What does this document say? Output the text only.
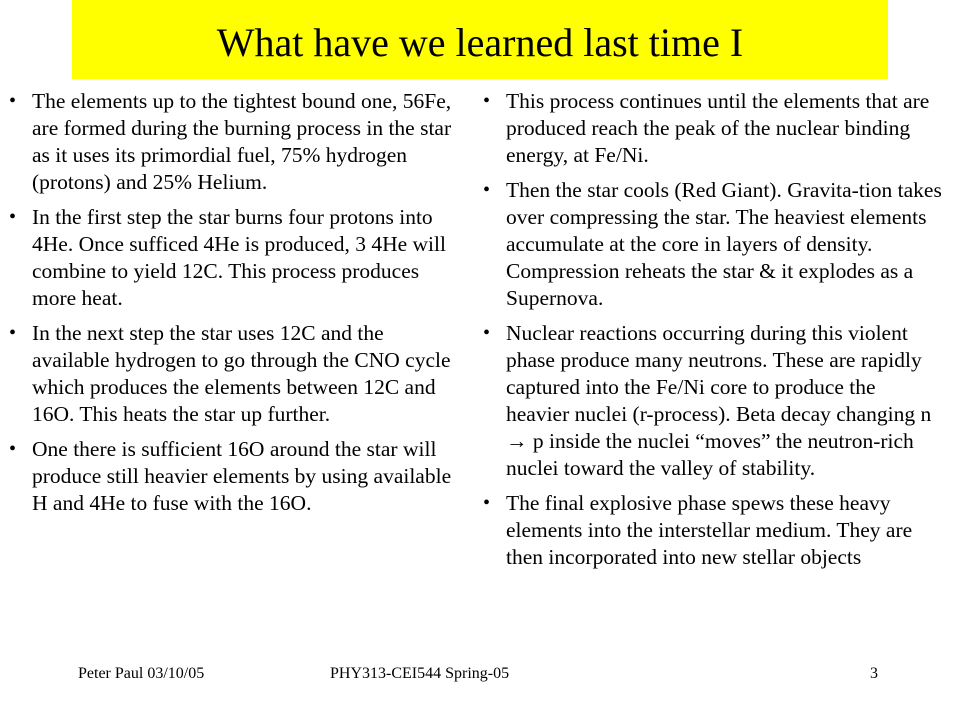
What have we learned last time I
• The elements up to the tightest bound one, 56Fe, are formed during the burning process in the star as it uses its primordial fuel, 75% hydrogen (protons) and 25% Helium.
• In the first step the star burns four protons into 4He. Once sufficed 4He is produced, 3 4He will combine to yield 12C. This process produces more heat.
• In the next step the star uses 12C and the available hydrogen to go through the CNO cycle which produces the elements between 12C and 16O. This heats the star up further.
• One there is sufficient 16O around the star will produce still heavier elements by using available H and 4He to fuse with the 16O.
• This process continues until the elements that are produced reach the peak of the nuclear binding energy, at Fe/Ni.
• Then the star cools (Red Giant). Gravita-tion takes over compressing the star. The heaviest elements accumulate at the core in layers of density. Compression reheats the star & it explodes as a Supernova.
• Nuclear reactions occurring during this violent phase produce many neutrons. These are rapidly captured into the Fe/Ni core to produce the heavier nuclei (r-process). Beta decay changing n → p inside the nuclei “moves” the neutron-rich nuclei toward the valley of stability.
• The final explosive phase spews these heavy elements into the interstellar medium. They are then incorporated into new stellar objects
Peter Paul 03/10/05	PHY313-CEI544 Spring-05	3
